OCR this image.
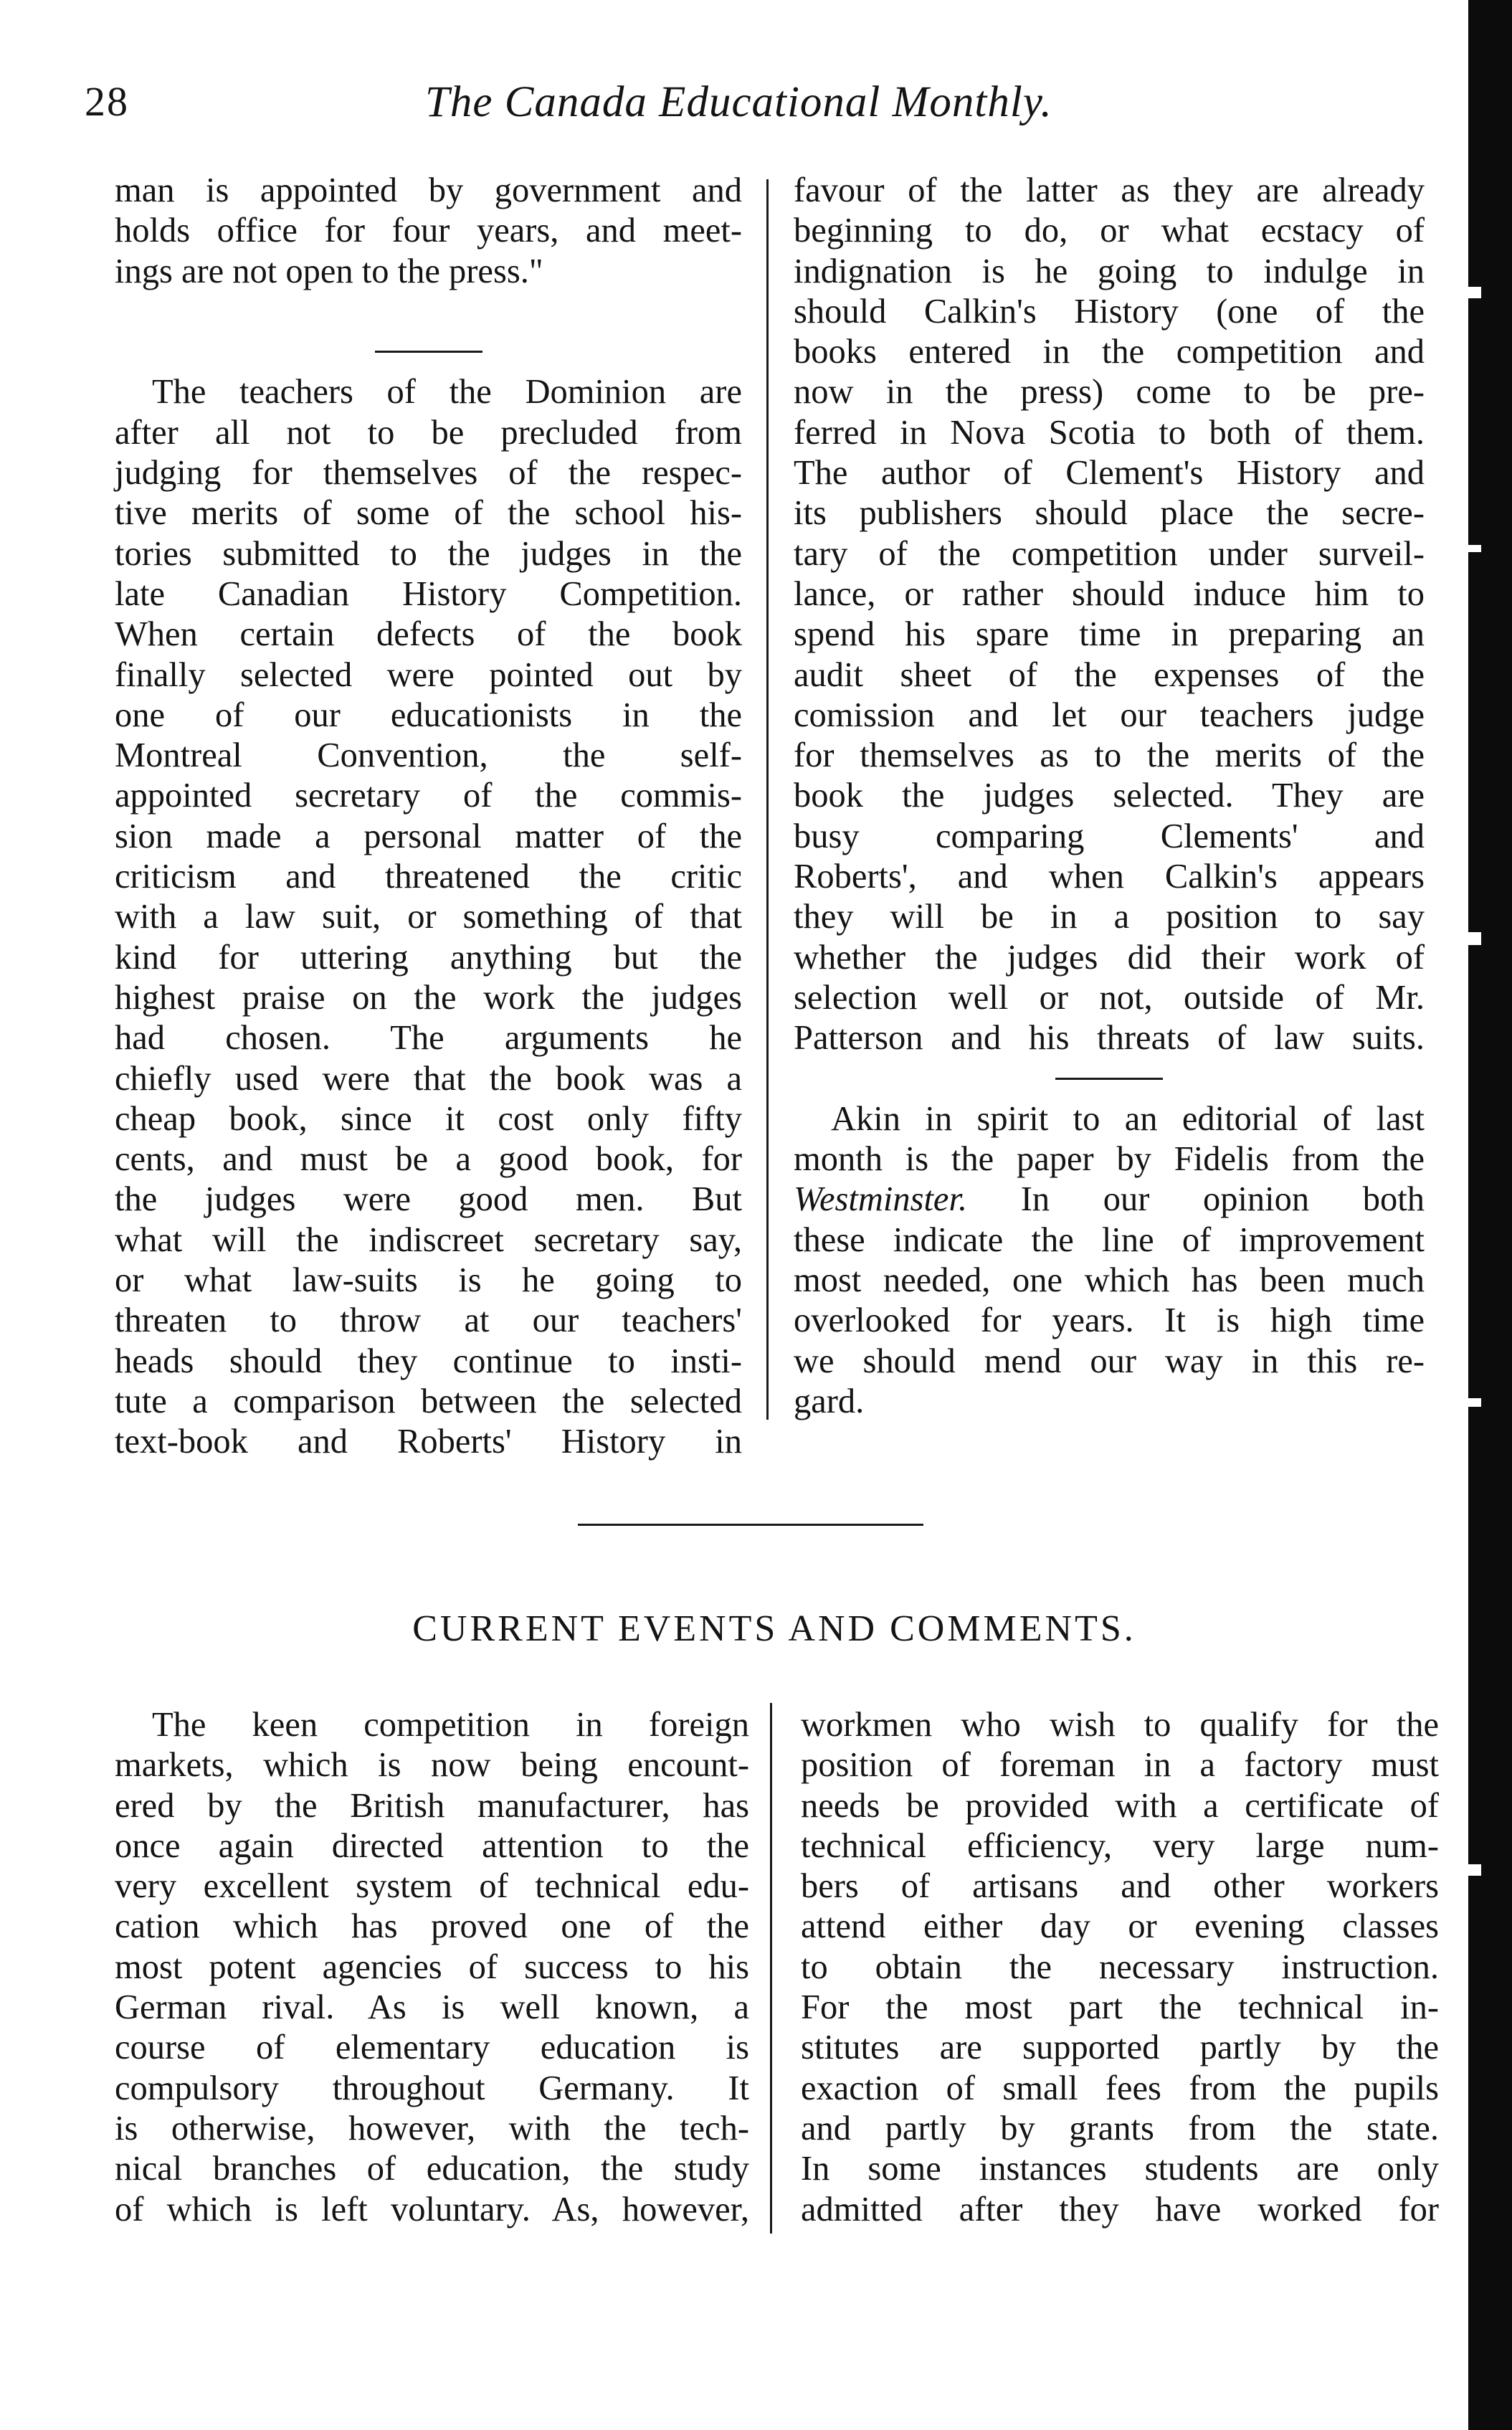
28	The Canada Educational Monthly.
man is appointed by government and
holds office for four years, and meet-
ings are not open to the press."
The teachers of the Dominion are
after all not to be precluded from
judging for themselves of the respec-
tive merits of some of the school his-
tories submitted to the judges in the
late Canadian History Competition.
When certain defects of the book
finally selected were pointed out by
one of our educationists in the
Montreal Convention, the self-
appointed secretary of the commis-
sion made a personal matter of the
criticism and threatened the critic
with a law suit, or something of that
kind for uttering anything but the
highest praise on the work the judges
had chosen. The arguments he
chiefly used were that the book was a
cheap book, since it cost only fifty
cents, and must be a good book, for
the judges were good men. But
what will the indiscreet secretary say,
or what law-suits is he going to
threaten to throw at our teachers'
heads should they continue to insti-
tute a comparison between the selected
text-book and Roberts' History in
favour of the latter as they are already
beginning to do, or what ecstacy of
indignation is he going to indulge in
should Calkin's History (one of the
books entered in the competition and
now in the press) come to be pre-
ferred in Nova Scotia to both of them.
The author of Clement's History and
its publishers should place the secre-
tary of the competition under surveil-
lance, or rather should induce him to
spend his spare time in preparing an
audit sheet of the expenses of the
comission and let our teachers judge
for themselves as to the merits of the
book the judges selected. They are
busy comparing Clements' and
Roberts', and when Calkin's appears
they will be in a position to say
whether the judges did their work of
selection well or not, outside of Mr.
Patterson and his threats of law suits.
Akin in spirit to an editorial of last
month is the paper by Fidelis from the
Westminster. In our opinion both
these indicate the line of improvement
most needed, one which has been much
overlooked for years. It is high time
we should mend our way in this re-
gard.
CURRENT EVENTS AND COMMENTS.
The keen competition in foreign
markets, which is now being encount-
ered by the British manufacturer, has
once again directed attention to the
very excellent system of technical edu-
cation which has proved one of the
most potent agencies of success to his
German rival. As is well known, a
course of elementary education is
compulsory throughout Germany. It
is otherwise, however, with the tech-
nical branches of education, the study
of which is left voluntary. As, however,
workmen who wish to qualify for the
position of foreman in a factory must
needs be provided with a certificate of
technical efficiency, very large num-
bers of artisans and other workers
attend either day or evening classes
to obtain the necessary instruction.
For the most part the technical in-
stitutes are supported partly by the
exaction of small fees from the pupils
and partly by grants from the state.
In some instances students are only
admitted after they have worked for
